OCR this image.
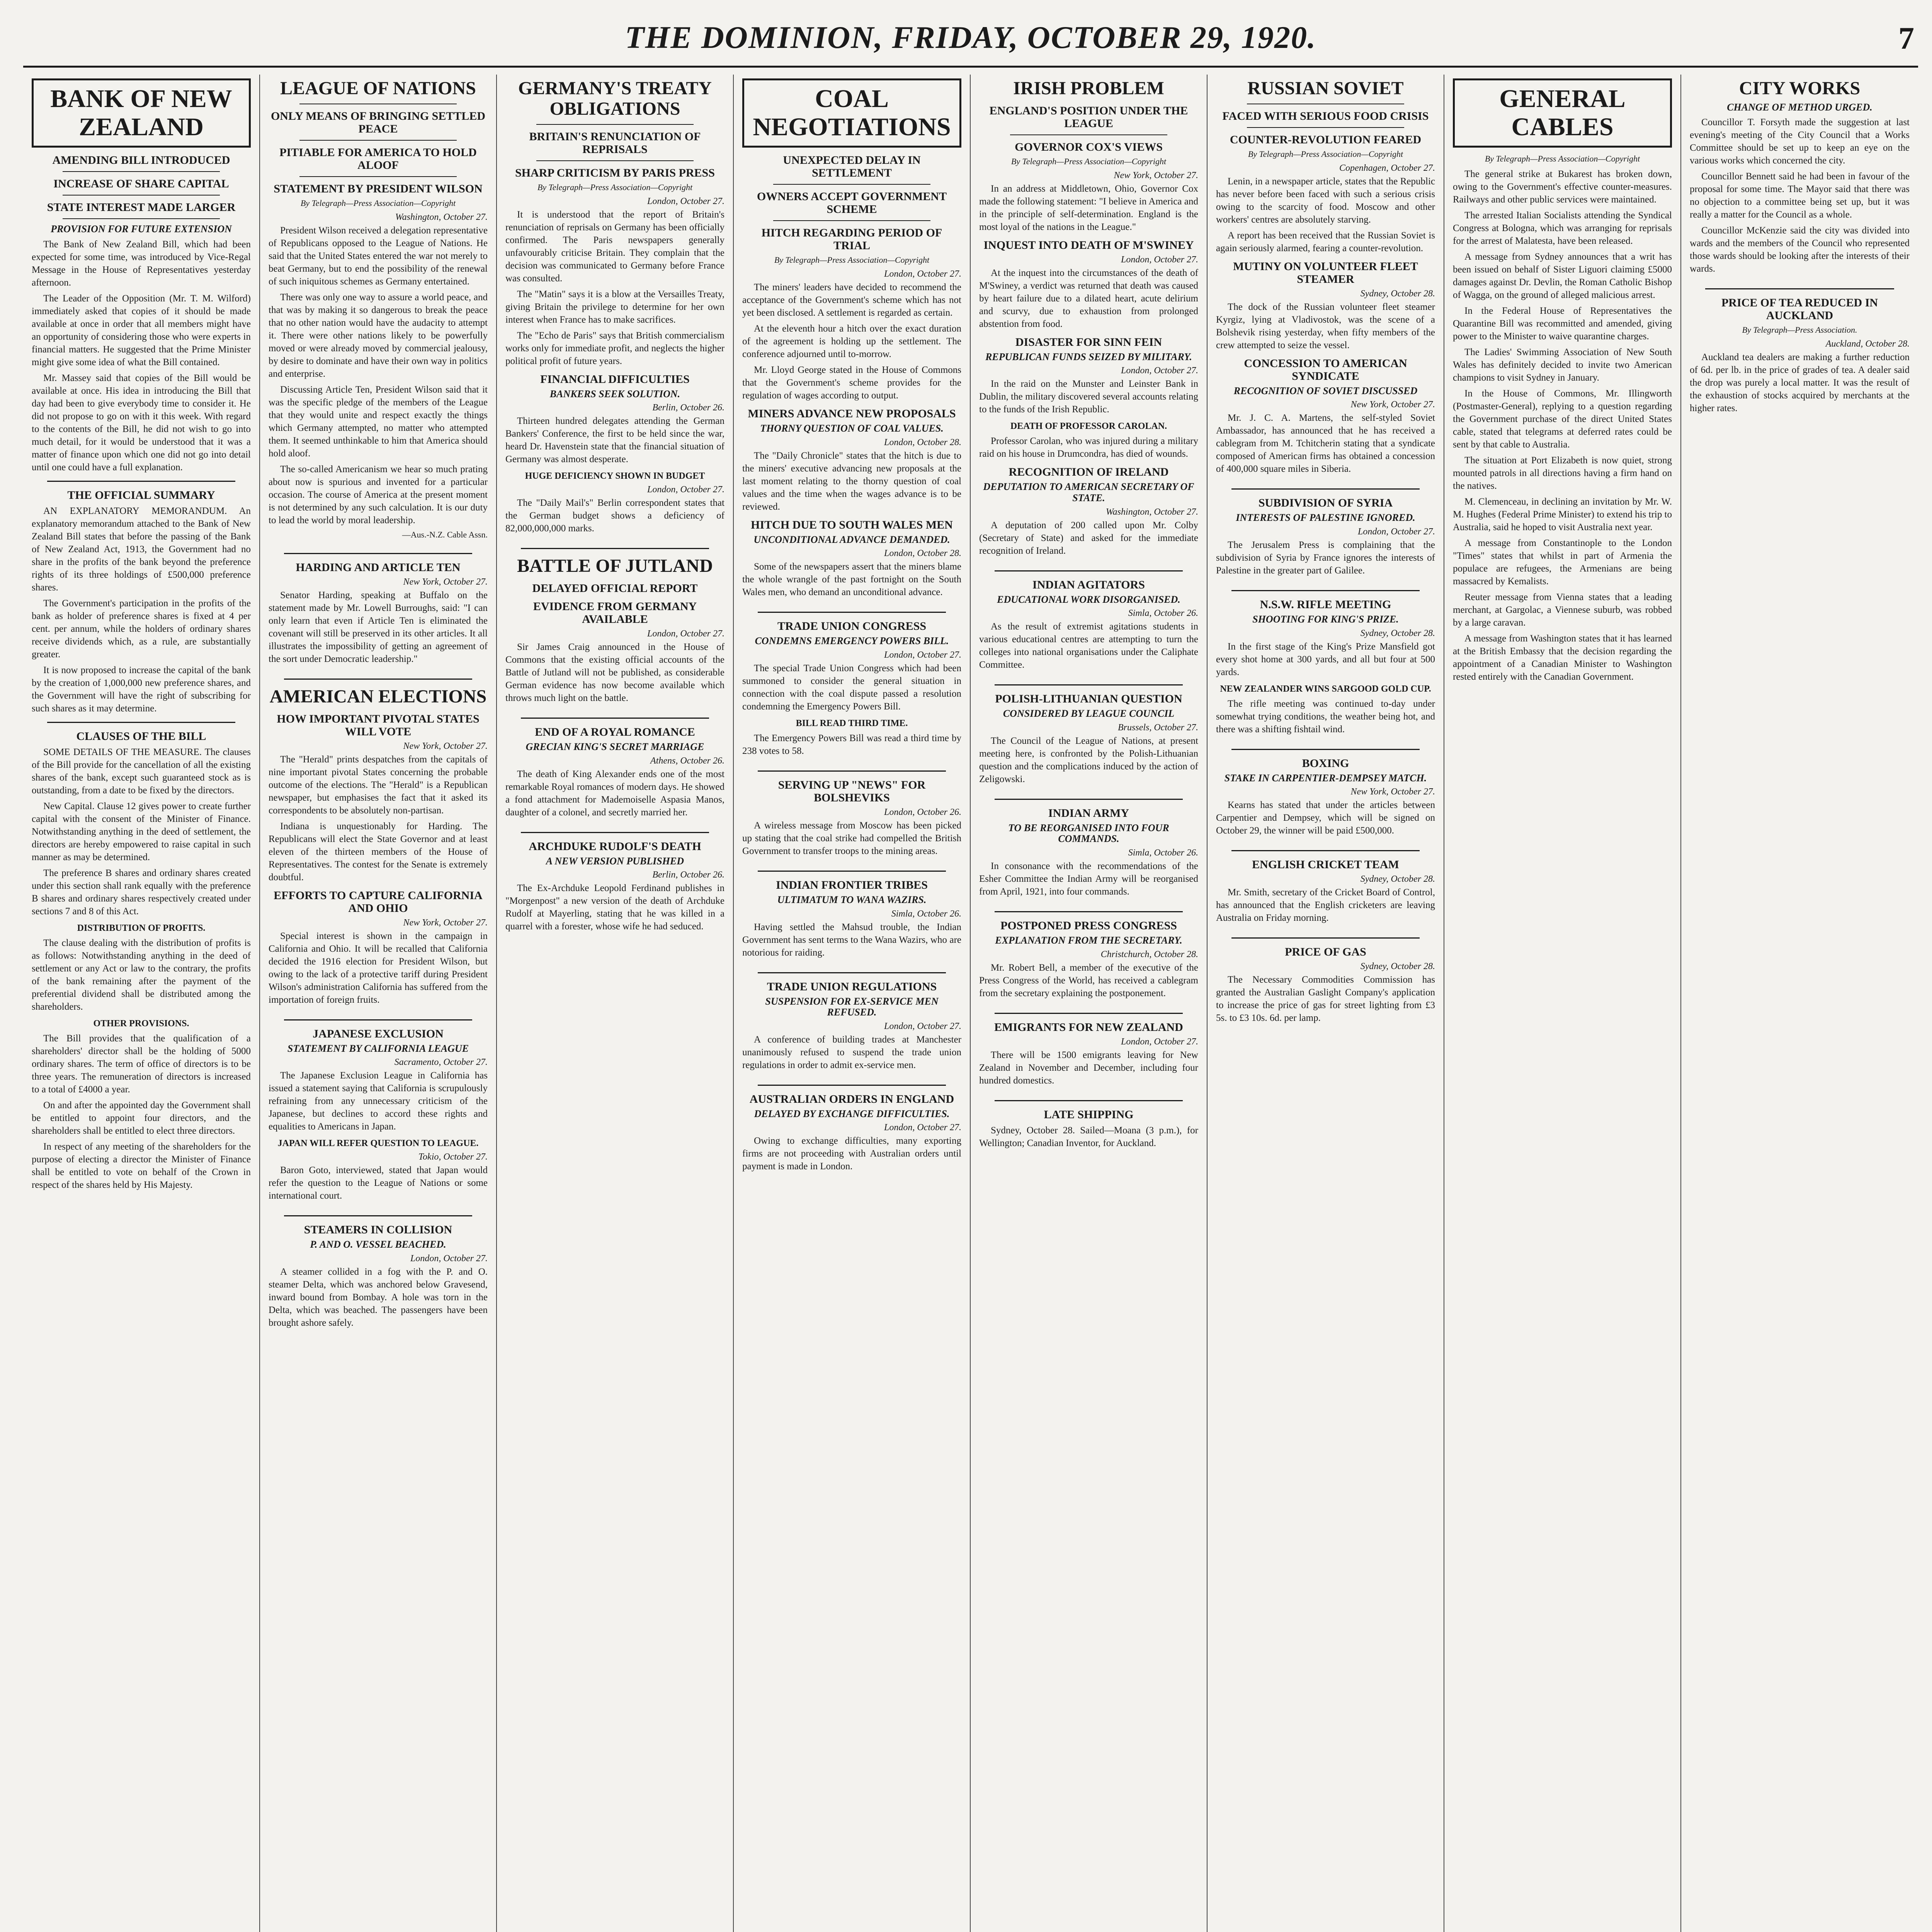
THE DOMINION, FRIDAY, OCTOBER 29, 1920.	7
BANK OF NEW ZEALAND
AMENDING BILL INTRODUCED
INCREASE OF SHARE CAPITAL
STATE INTEREST MADE LARGER
PROVISION FOR FUTURE EXTENSION

The Bank of New Zealand Bill, which had been expected for some time, was introduced by Vice-Regal Message in the House of Representatives yesterday afternoon.

The Leader of the Opposition (Mr. T. M. Wilford) immediately asked that copies of it should be made available at once in order that all members might have an opportunity of considering those who were experts in financial matters. He suggested that the Prime Minister might give some idea of what the Bill contained.

Mr. Massey said that copies of the Bill would be available at once. His idea in introducing the Bill that day had been to give everybody time to consider it. He did not propose to go on with it this week. With regard to the contents of the Bill, he did not wish to go into much detail, for it would be understood that it was a matter of finance upon which one did not go into detail until one could have a full explanation.

THE OFFICIAL SUMMARY

AN EXPLANATORY MEMORANDUM. An explanatory memorandum attached to the Bank of New Zealand Bill states that before the passing of the Bank of New Zealand Act, 1913, the Government had no share in the profits of the bank beyond the preference rights of its three holdings of £500,000 preference shares.

The Government's participation in the profits of the bank as holder of preference shares is fixed at 4 per cent. per annum, while the holders of ordinary shares receive dividends which, as a rule, are substantially greater.

It is now proposed to increase the capital of the bank by the creation of 1,000,000 new preference shares, and the Government will have the right of subscribing for such shares as it may determine.

CLAUSES OF THE BILL

SOME DETAILS OF THE MEASURE. The clauses of the Bill provide for the cancellation of all the existing shares of the bank, except such guaranteed stock as is outstanding, from a date to be fixed by the directors.

New Capital. Clause 12 gives power to create further capital with the consent of the Minister of Finance. Notwithstanding anything in the deed of settlement, the directors are hereby empowered to raise capital in such manner as may be determined.

The preference B shares and ordinary shares created under this section shall rank equally with the preference B shares and ordinary shares respectively created under sections 7 and 8 of this Act.

DISTRIBUTION OF PROFITS.

The clause dealing with the distribution of profits is as follows: Notwithstanding anything in the deed of settlement or any Act or law to the contrary, the profits of the bank remaining after the payment of the preferential dividend shall be distributed among the shareholders.

OTHER PROVISIONS.

The Bill provides that the qualification of a shareholders' director shall be the holding of 5000 ordinary shares. The term of office of directors is to be three years. The remuneration of directors is increased to a total of £4000 a year.

On and after the appointed day the Government shall be entitled to appoint four directors, and the shareholders shall be entitled to elect three directors.

In respect of any meeting of the shareholders for the purpose of electing a director the Minister of Finance shall be entitled to vote on behalf of the Crown in respect of the shares held by His Majesty.

LEAGUE OF NATIONS
ONLY MEANS OF BRINGING SETTLED PEACE
PITIABLE FOR AMERICA TO HOLD ALOOF
STATEMENT BY PRESIDENT WILSON
By Telegraph—Press Association—Copyright
Washington, October 27.

President Wilson received a delegation representative of Republicans opposed to the League of Nations. He said that the United States entered the war not merely to beat Germany, but to end the possibility of the renewal of such iniquitous schemes as Germany entertained.

There was only one way to assure a world peace, and that was by making it so dangerous to break the peace that no other nation would have the audacity to attempt it. There were other nations likely to be powerfully moved or were already moved by commercial jealousy, by desire to dominate and have their own way in politics and enterprise.

Discussing Article Ten, President Wilson said that it was the specific pledge of the members of the League that they would unite and respect exactly the things which Germany attempted, no matter who attempted them. It seemed unthinkable to him that America should hold aloof.

The so-called Americanism we hear so much prating about now is spurious and invented for a particular occasion. The course of America at the present moment is not determined by any such calculation. It is our duty to lead the world by moral leadership.

—Aus.-N.Z. Cable Assn.
HARDING AND ARTICLE TEN
New York, October 27.

Senator Harding, speaking at Buffalo on the statement made by Mr. Lowell Burroughs, said: "I can only learn that even if Article Ten is eliminated the covenant will still be preserved in its other articles. It all illustrates the impossibility of getting an agreement of the sort under Democratic leadership."

AMERICAN ELECTIONS
HOW IMPORTANT PIVOTAL STATES WILL VOTE
New York, October 27.

The "Herald" prints despatches from the capitals of nine important pivotal States concerning the probable outcome of the elections. The "Herald" is a Republican newspaper, but emphasises the fact that it asked its correspondents to be absolutely non-partisan.

Indiana is unquestionably for Harding. The Republicans will elect the State Governor and at least eleven of the thirteen members of the House of Representatives. The contest for the Senate is extremely doubtful.

EFFORTS TO CAPTURE CALIFORNIA AND OHIO
New York, October 27.

Special interest is shown in the campaign in California and Ohio. It will be recalled that California decided the 1916 election for President Wilson, but owing to the lack of a protective tariff during President Wilson's administration California has suffered from the importation of foreign fruits.

JAPANESE EXCLUSION
STATEMENT BY CALIFORNIA LEAGUE
Sacramento, October 27.

The Japanese Exclusion League in California has issued a statement saying that California is scrupulously refraining from any unnecessary criticism of the Japanese, but declines to accord these rights and equalities to Americans in Japan.

JAPAN WILL REFER QUESTION TO LEAGUE.
Tokio, October 27.

Baron Goto, interviewed, stated that Japan would refer the question to the League of Nations or some international court.

STEAMERS IN COLLISION
P. AND O. VESSEL BEACHED.
London, October 27.

A steamer collided in a fog with the P. and O. steamer Delta, which was anchored below Gravesend, inward bound from Bombay. A hole was torn in the Delta, which was beached. The passengers have been brought ashore safely.

GERMANY'S TREATY OBLIGATIONS
BRITAIN'S RENUNCIATION OF REPRISALS
SHARP CRITICISM BY PARIS PRESS
By Telegraph—Press Association—Copyright
London, October 27.

It is understood that the report of Britain's renunciation of reprisals on Germany has been officially confirmed. The Paris newspapers generally unfavourably criticise Britain. They complain that the decision was communicated to Germany before France was consulted.

The "Matin" says it is a blow at the Versailles Treaty, giving Britain the privilege to determine for her own interest when France has to make sacrifices.

The "Echo de Paris" says that British commercialism works only for immediate profit, and neglects the higher political profit of future years.

FINANCIAL DIFFICULTIES
BANKERS SEEK SOLUTION.
Berlin, October 26.

Thirteen hundred delegates attending the German Bankers' Conference, the first to be held since the war, heard Dr. Havenstein state that the financial situation of Germany was almost desperate.

HUGE DEFICIENCY SHOWN IN BUDGET
London, October 27.

The "Daily Mail's" Berlin correspondent states that the German budget shows a deficiency of 82,000,000,000 marks.

BATTLE OF JUTLAND
DELAYED OFFICIAL REPORT
EVIDENCE FROM GERMANY AVAILABLE
London, October 27.

Sir James Craig announced in the House of Commons that the existing official accounts of the Battle of Jutland will not be published, as considerable German evidence has now become available which throws much light on the battle.

END OF A ROYAL ROMANCE
GRECIAN KING'S SECRET MARRIAGE
Athens, October 26.

The death of King Alexander ends one of the most remarkable Royal romances of modern days. He showed a fond attachment for Mademoiselle Aspasia Manos, daughter of a colonel, and secretly married her.

ARCHDUKE RUDOLF'S DEATH
A NEW VERSION PUBLISHED
Berlin, October 26.

The Ex-Archduke Leopold Ferdinand publishes in "Morgenpost" a new version of the death of Archduke Rudolf at Mayerling, stating that he was killed in a quarrel with a forester, whose wife he had seduced.

COAL NEGOTIATIONS
UNEXPECTED DELAY IN SETTLEMENT
OWNERS ACCEPT GOVERNMENT SCHEME
HITCH REGARDING PERIOD OF TRIAL
By Telegraph—Press Association—Copyright
London, October 27.

The miners' leaders have decided to recommend the acceptance of the Government's scheme which has not yet been disclosed. A settlement is regarded as certain.

At the eleventh hour a hitch over the exact duration of the agreement is holding up the settlement. The conference adjourned until to-morrow.

Mr. Lloyd George stated in the House of Commons that the Government's scheme provides for the regulation of wages according to output.

MINERS ADVANCE NEW PROPOSALS
THORNY QUESTION OF COAL VALUES.
London, October 28.

The "Daily Chronicle" states that the hitch is due to the miners' executive advancing new proposals at the last moment relating to the thorny question of coal values and the time when the wages advance is to be reviewed.

HITCH DUE TO SOUTH WALES MEN
UNCONDITIONAL ADVANCE DEMANDED.
London, October 28.

Some of the newspapers assert that the miners blame the whole wrangle of the past fortnight on the South Wales men, who demand an unconditional advance.

TRADE UNION CONGRESS
CONDEMNS EMERGENCY POWERS BILL.
London, October 27.

The special Trade Union Congress which had been summoned to consider the general situation in connection with the coal dispute passed a resolution condemning the Emergency Powers Bill.

BILL READ THIRD TIME.

The Emergency Powers Bill was read a third time by 238 votes to 58.

SERVING UP "NEWS" FOR BOLSHEVIKS
London, October 26.

A wireless message from Moscow has been picked up stating that the coal strike had compelled the British Government to transfer troops to the mining areas.

INDIAN FRONTIER TRIBES
ULTIMATUM TO WANA WAZIRS.
Simla, October 26.

Having settled the Mahsud trouble, the Indian Government has sent terms to the Wana Wazirs, who are notorious for raiding.

TRADE UNION REGULATIONS
SUSPENSION FOR EX-SERVICE MEN REFUSED.
London, October 27.

A conference of building trades at Manchester unanimously refused to suspend the trade union regulations in order to admit ex-service men.

AUSTRALIAN ORDERS IN ENGLAND
DELAYED BY EXCHANGE DIFFICULTIES.
London, October 27.

Owing to exchange difficulties, many exporting firms are not proceeding with Australian orders until payment is made in London.

IRISH PROBLEM
ENGLAND'S POSITION UNDER THE LEAGUE
GOVERNOR COX'S VIEWS
By Telegraph—Press Association—Copyright
New York, October 27.

In an address at Middletown, Ohio, Governor Cox made the following statement: "I believe in America and in the principle of self-determination. England is the most loyal of the nations in the League."

INQUEST INTO DEATH OF M'SWINEY
London, October 27.

At the inquest into the circumstances of the death of M'Swiney, a verdict was returned that death was caused by heart failure due to a dilated heart, acute delirium and scurvy, due to exhaustion from prolonged abstention from food.

DISASTER FOR SINN FEIN
REPUBLICAN FUNDS SEIZED BY MILITARY.
London, October 27.

In the raid on the Munster and Leinster Bank in Dublin, the military discovered several accounts relating to the funds of the Irish Republic.

DEATH OF PROFESSOR CAROLAN.

Professor Carolan, who was injured during a military raid on his house in Drumcondra, has died of wounds.

RECOGNITION OF IRELAND
DEPUTATION TO AMERICAN SECRETARY OF STATE.
Washington, October 27.

A deputation of 200 called upon Mr. Colby (Secretary of State) and asked for the immediate recognition of Ireland.

INDIAN AGITATORS
EDUCATIONAL WORK DISORGANISED.
Simla, October 26.

As the result of extremist agitations students in various educational centres are attempting to turn the colleges into national organisations under the Caliphate Committee.

POLISH-LITHUANIAN QUESTION
CONSIDERED BY LEAGUE COUNCIL
Brussels, October 27.

The Council of the League of Nations, at present meeting here, is confronted by the Polish-Lithuanian question and the complications induced by the action of Zeligowski.

INDIAN ARMY
TO BE REORGANISED INTO FOUR COMMANDS.
Simla, October 26.

In consonance with the recommendations of the Esher Committee the Indian Army will be reorganised from April, 1921, into four commands.

POSTPONED PRESS CONGRESS
EXPLANATION FROM THE SECRETARY.
Christchurch, October 28.

Mr. Robert Bell, a member of the executive of the Press Congress of the World, has received a cablegram from the secretary explaining the postponement.

EMIGRANTS FOR NEW ZEALAND
London, October 27.

There will be 1500 emigrants leaving for New Zealand in November and December, including four hundred domestics.

LATE SHIPPING

Sydney, October 28. Sailed—Moana (3 p.m.), for Wellington; Canadian Inventor, for Auckland.

RUSSIAN SOVIET
FACED WITH SERIOUS FOOD CRISIS
COUNTER-REVOLUTION FEARED
By Telegraph—Press Association—Copyright
Copenhagen, October 27.

Lenin, in a newspaper article, states that the Republic has never before been faced with such a serious crisis owing to the scarcity of food. Moscow and other workers' centres are absolutely starving.

A report has been received that the Russian Soviet is again seriously alarmed, fearing a counter-revolution.

MUTINY ON VOLUNTEER FLEET STEAMER
Sydney, October 28.

The dock of the Russian volunteer fleet steamer Kyrgiz, lying at Vladivostok, was the scene of a Bolshevik rising yesterday, when fifty members of the crew attempted to seize the vessel.

CONCESSION TO AMERICAN SYNDICATE
RECOGNITION OF SOVIET DISCUSSED
New York, October 27.

Mr. J. C. A. Martens, the self-styled Soviet Ambassador, has announced that he has received a cablegram from M. Tchitcherin stating that a syndicate composed of American firms has obtained a concession of 400,000 square miles in Siberia.

SUBDIVISION OF SYRIA
INTERESTS OF PALESTINE IGNORED.
London, October 27.

The Jerusalem Press is complaining that the subdivision of Syria by France ignores the interests of Palestine in the greater part of Galilee.

N.S.W. RIFLE MEETING
SHOOTING FOR KING'S PRIZE.
Sydney, October 28.

In the first stage of the King's Prize Mansfield got every shot home at 300 yards, and all but four at 500 yards.

NEW ZEALANDER WINS SARGOOD GOLD CUP.

The rifle meeting was continued to-day under somewhat trying conditions, the weather being hot, and there was a shifting fishtail wind.

BOXING
STAKE IN CARPENTIER-DEMPSEY MATCH.
New York, October 27.

Kearns has stated that under the articles between Carpentier and Dempsey, which will be signed on October 29, the winner will be paid £500,000.

ENGLISH CRICKET TEAM
Sydney, October 28.

Mr. Smith, secretary of the Cricket Board of Control, has announced that the English cricketers are leaving Australia on Friday morning.

PRICE OF GAS
Sydney, October 28.

The Necessary Commodities Commission has granted the Australian Gaslight Company's application to increase the price of gas for street lighting from £3 5s. to £3 10s. 6d. per lamp.

GENERAL CABLES
By Telegraph—Press Association—Copyright

The general strike at Bukarest has broken down, owing to the Government's effective counter-measures. Railways and other public services were maintained.

The arrested Italian Socialists attending the Syndical Congress at Bologna, which was arranging for reprisals for the arrest of Malatesta, have been released.

A message from Sydney announces that a writ has been issued on behalf of Sister Liguori claiming £5000 damages against Dr. Devlin, the Roman Catholic Bishop of Wagga, on the ground of alleged malicious arrest.

In the Federal House of Representatives the Quarantine Bill was recommitted and amended, giving power to the Minister to waive quarantine charges.

The Ladies' Swimming Association of New South Wales has definitely decided to invite two American champions to visit Sydney in January.

In the House of Commons, Mr. Illingworth (Postmaster-General), replying to a question regarding the Government purchase of the direct United States cable, stated that telegrams at deferred rates could be sent by that cable to Australia.

The situation at Port Elizabeth is now quiet, strong mounted patrols in all directions having a firm hand on the natives.

M. Clemenceau, in declining an invitation by Mr. W. M. Hughes (Federal Prime Minister) to extend his trip to Australia, said he hoped to visit Australia next year.

A message from Constantinople to the London "Times" states that whilst in part of Armenia the populace are refugees, the Armenians are being massacred by Kemalists.

Reuter message from Vienna states that a leading merchant, at Gargolac, a Viennese suburb, was robbed by a large caravan.

A message from Washington states that it has learned at the British Embassy that the decision regarding the appointment of a Canadian Minister to Washington rested entirely with the Canadian Government.

CITY WORKS
CHANGE OF METHOD URGED.

Councillor T. Forsyth made the suggestion at last evening's meeting of the City Council that a Works Committee should be set up to keep an eye on the various works which concerned the city.

Councillor Bennett said he had been in favour of the proposal for some time. The Mayor said that there was no objection to a committee being set up, but it was really a matter for the Council as a whole.

Councillor McKenzie said the city was divided into wards and the members of the Council who represented those wards should be looking after the interests of their wards.

PRICE OF TEA REDUCED IN AUCKLAND
By Telegraph—Press Association.
Auckland, October 28.

Auckland tea dealers are making a further reduction of 6d. per lb. in the price of grades of tea. A dealer said the drop was purely a local matter. It was the result of the exhaustion of stocks acquired by merchants at the higher rates.
